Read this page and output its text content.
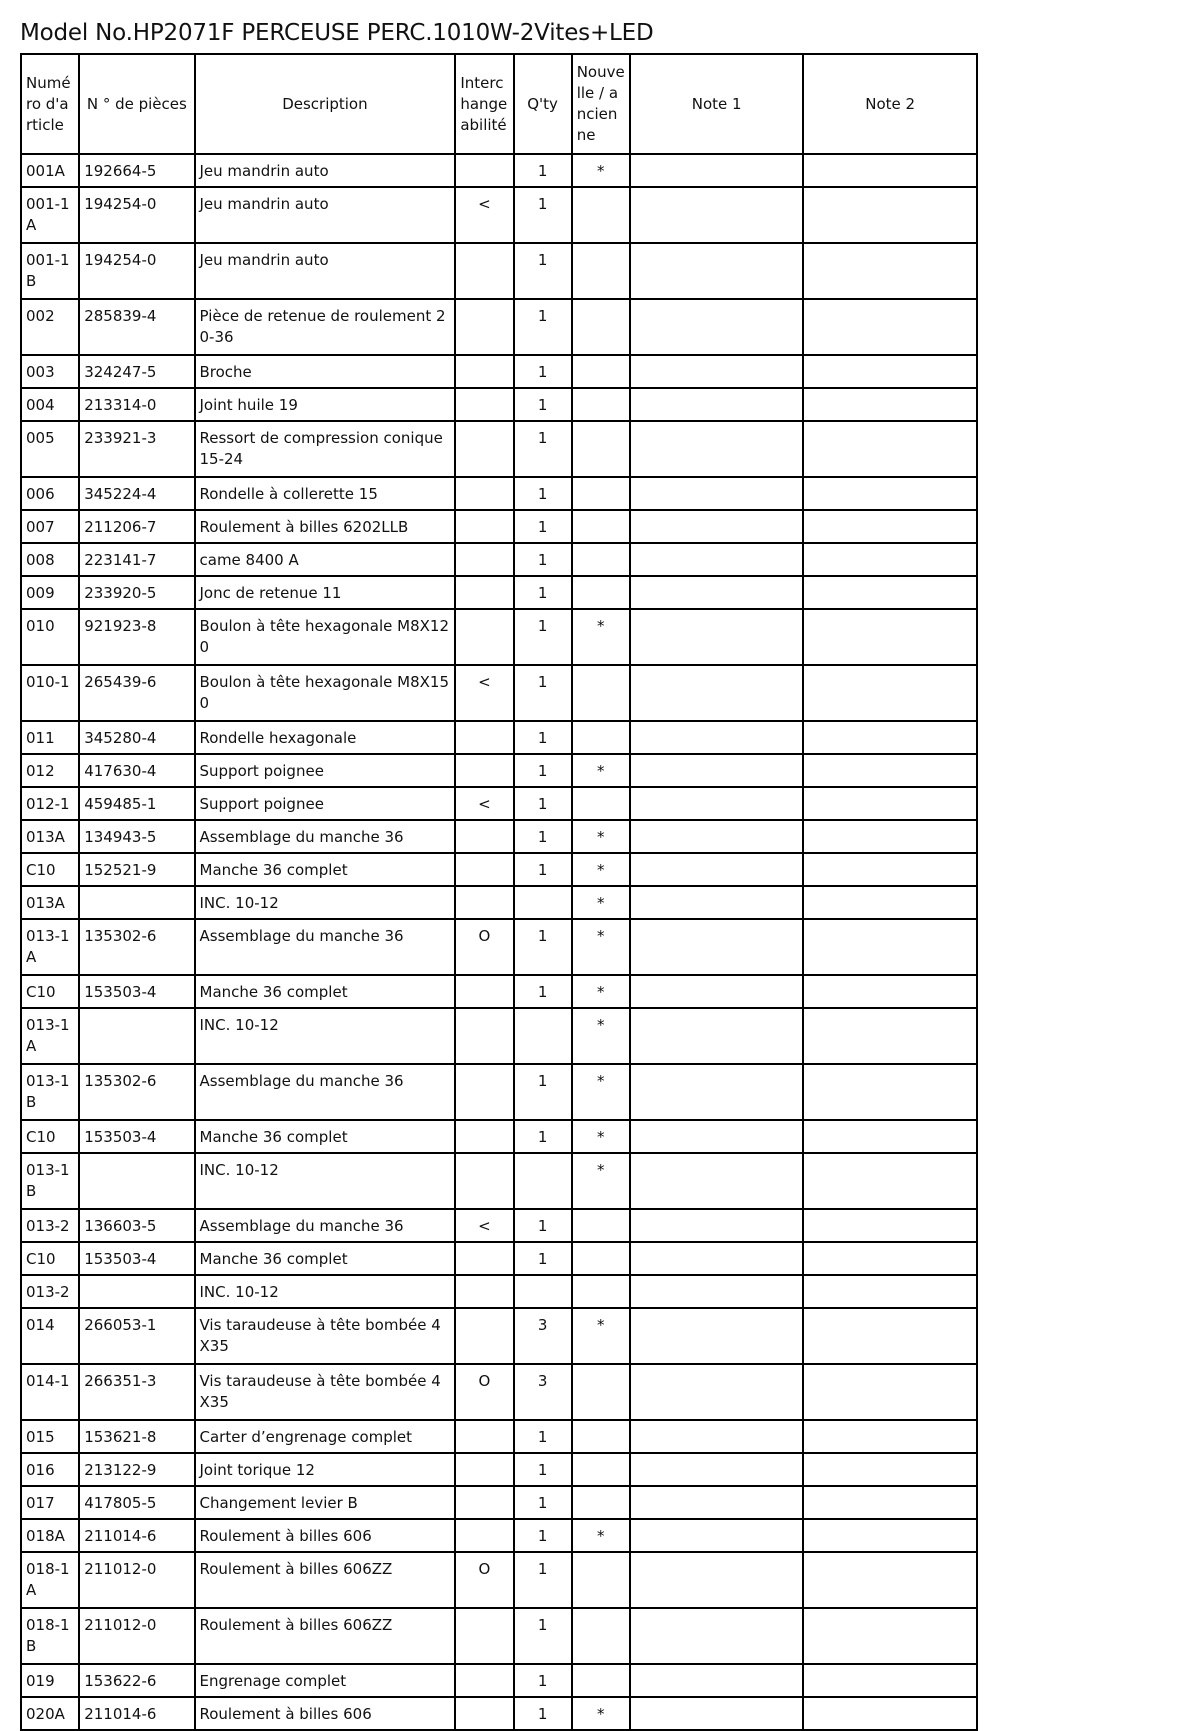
Model No.HP2071F PERCEUSE PERC.1010W-2Vites+LED
Numéro d'article	N ° de pièces	Description	Interchangeabilité	Q'ty	Nouvelle / ancienne	Note 1	Note 2
001A	192664-5	Jeu mandrin auto		1	*		
001-1A	194254-0	Jeu mandrin auto	<	1			
001-1B	194254-0	Jeu mandrin auto		1			
002	285839-4	Pièce de retenue de roulement 20-36		1			
003	324247-5	Broche		1			
004	213314-0	Joint huile 19		1			
005	233921-3	Ressort de compression conique 15-24		1			
006	345224-4	Rondelle à collerette 15		1			
007	211206-7	Roulement à billes 6202LLB		1			
008	223141-7	came 8400 A		1			
009	233920-5	Jonc de retenue 11		1			
010	921923-8	Boulon à tête hexagonale M8X120		1	*		
010-1	265439-6	Boulon à tête hexagonale M8X150	<	1			
011	345280-4	Rondelle hexagonale		1			
012	417630-4	Support poignee		1	*		
012-1	459485-1	Support poignee	<	1			
013A	134943-5	Assemblage du manche 36		1	*		
C10	152521-9	Manche 36 complet		1	*		
013A		INC. 10-12			*		
013-1A	135302-6	Assemblage du manche 36	O	1	*		
C10	153503-4	Manche 36 complet		1	*		
013-1A		INC. 10-12			*		
013-1B	135302-6	Assemblage du manche 36		1	*		
C10	153503-4	Manche 36 complet		1	*		
013-1B		INC. 10-12			*		
013-2	136603-5	Assemblage du manche 36	<	1			
C10	153503-4	Manche 36 complet		1			
013-2		INC. 10-12					
014	266053-1	Vis taraudeuse à tête bombée 4X35		3	*		
014-1	266351-3	Vis taraudeuse à tête bombée 4X35	O	3			
015	153621-8	Carter d’engrenage complet		1			
016	213122-9	Joint torique 12		1			
017	417805-5	Changement levier B		1			
018A	211014-6	Roulement à billes 606		1	*		
018-1A	211012-0	Roulement à billes 606ZZ	O	1			
018-1B	211012-0	Roulement à billes 606ZZ		1			
019	153622-6	Engrenage complet		1			
020A	211014-6	Roulement à billes 606		1	*		
